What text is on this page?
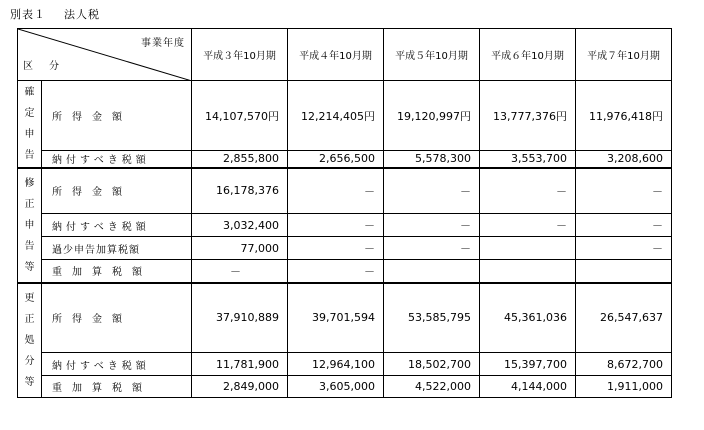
別表１ 法人税
事業年度
区 分		平成３年10月期	平成４年10月期	平成５年10月期	平成６年10月期	平成７年10月期

確
定
申
告	所得金額	14,107,570円	12,214,405円	19,120,997円	13,777,376円	11,976,418円
	納付すべき税額	2,855,800	2,656,500	5,578,300	3,553,700	3,208,600

修
正
申
告
等	所得金額	16,178,376	－	－	－	－
	納付すべき税額	3,032,400	－	－	－	－
	過少申告加算税額	77,000	－	－		－
	重加算税額	－	－			

更
正
処
分
等	所得金額	37,910,889	39,701,594	53,585,795	45,361,036	26,547,637
	納付すべき税額	11,781,900	12,964,100	18,502,700	15,397,700	8,672,700
	重加算税額	2,849,000	3,605,000	4,522,000	4,144,000	1,911,000
